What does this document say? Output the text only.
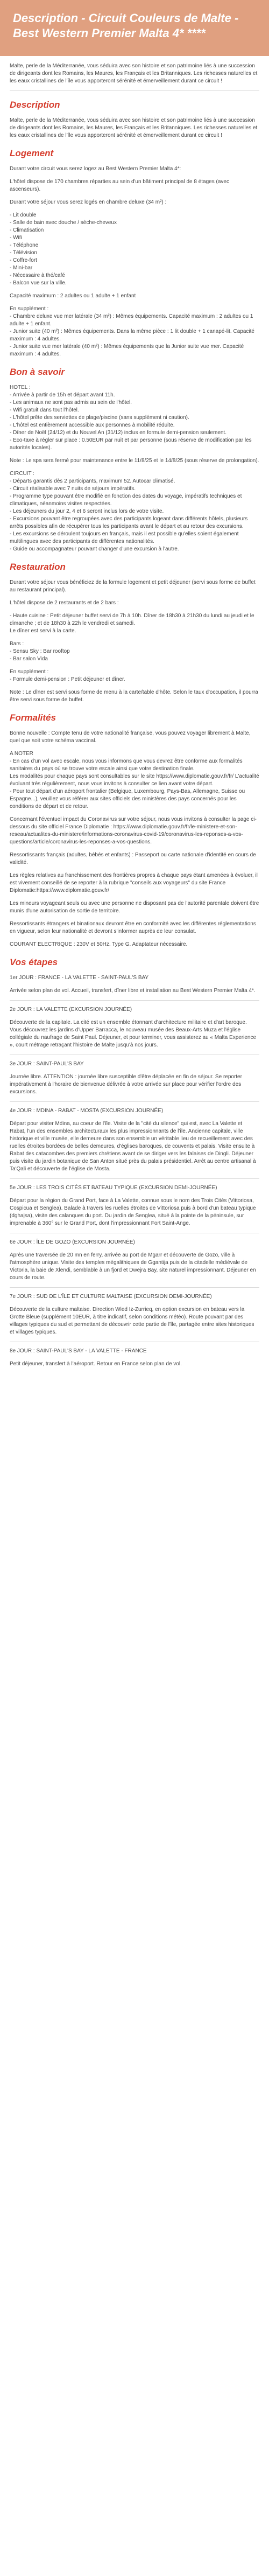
Description - Circuit Couleurs de Malte - Best Western Premier Maltа 4* ****

Malte, perle de la Méditerranée, vous séduira avec son histoire et son patrimoine liés à une succession de dirigeants dont les Romains, les Maures, les Français et les Britanniques. Les richesses naturelles et les eaux cristallines de l'île vous apporteront sérénité et émerveillement durant ce circuit !

Description

Malte, perle de la Méditerranée, vous séduira avec son histoire et son patrimoine liés à une succession de dirigeants dont les Romains, les Maures, les Français et les Britanniques. Les richesses naturelles et les eaux cristallines de l'île vous apporteront sérénité et émerveillement durant ce circuit !

Logement

Durant votre circuit vous serez logez au Best Western Premier Malta 4*:

L'hôtel dispose de 170 chambres réparties au sein d'un bâtiment principal de 8 étages (avec ascenseurs).

Durant votre séjour vous serez logés en chambre deluxe (34 m²) :

- Lit double

- Salle de bain avec douche / sèche-cheveux

- Climatisation

- Wifi

- Téléphone

- Télévision

- Coffre-fort

- Mini-bar

- Nécessaire à thé/café

- Balcon vue sur la ville.

Capacité maximum : 2 adultes ou 1 adulte + 1 enfant

En supplément :

- Chambre deluxe vue mer latérale (34 m²) : Mêmes équipements. Capacité maximum : 2 adultes ou 1 adulte + 1 enfant.

- Junior suite (40 m²) : Mêmes équipements. Dans la même pièce : 1 lit double + 1 canapé-lit. Capacité maximum : 4 adultes.

- Junior suite vue mer latérale (40 m²) : Mêmes équipements que la Junior suite vue mer. Capacité maximum : 4 adultes.

Bon à savoir

HOTEL :

- Arrivée à partir de 15h et départ avant 11h.

- Les animaux ne sont pas admis au sein de l'hôtel.

- Wifi gratuit dans tout l'hôtel.

- L'hôtel prête des serviettes de plage/piscine (sans supplément ni caution).

- L'hôtel est entièrement accessible aux personnes à mobilité réduite.

- Dîner de Noël (24/12) et du Nouvel An (31/12) inclus en formule demi-pension seulement.

- Eco-taxe à régler sur place : 0.50EUR par nuit et par personne (sous réserve de modification par les autorités locales).

Note : Le spa sera fermé pour maintenance entre le 11/8/25 et le 14/8/25 (sous réserve de prolongation).

CIRCUIT :

- Départs garantis dès 2 participants, maximum 52. Autocar climatisé.

- Circuit réalisable avec 7 nuits de séjours impératifs.

- Programme type pouvant être modifié en fonction des dates du voyage, impératifs techniques et climatiques, néanmoins visites respectées.

- Les déjeuners du jour 2, 4 et 6 seront inclus lors de votre visite.

- Excursions pouvant être regroupées avec des participants logeant dans différents hôtels, plusieurs arrêts possibles afin de récupérer tous les participants avant le départ et au retour des excursions.

- Les excursions se déroulent toujours en français, mais il est possible qu'elles soient également multilingues avec des participants de différentes nationalités.

- Guide ou accompagnateur pouvant changer d'une excursion à l'autre.

Restauration

Durant votre séjour vous bénéficiez de la formule logement et petit déjeuner (servi sous forme de buffet au restaurant principal).

L'hôtel dispose de 2 restaurants et de 2 bars :

- Haute cuisine : Petit déjeuner buffet servi de 7h à 10h. Dîner de 18h30 à 21h30 du lundi au jeudi et le dimanche ; et de 18h30 à 22h le vendredi et samedi.

Le dîner est servi à la carte.

Bars :

- Sensu Sky : Bar rooftop

- Bar salon Vida

En supplément :

- Formule demi-pension : Petit déjeuner et dîner.

Note : Le dîner est servi sous forme de menu à la carte/table d'hôte. Selon le taux d'occupation, il pourra être servi sous forme de buffet.

Formalités

Bonne nouvelle : Compte tenu de votre nationalité française, vous pouvez voyager librement à Malte, quel que soit votre schéma vaccinal.

A NOTER

- En cas d'un vol avec escale, nous vous informons que vous devrez être conforme aux formalités sanitaires du pays où se trouve votre escale ainsi que votre destination finale.

Les modalités pour chaque pays sont consultables sur le site https://www.diplomatie.gouv.fr/fr/ L'actualité évoluant très régulièrement, nous vous invitons à consulter ce lien avant votre départ.

- Pour tout départ d'un aéroport frontalier (Belgique, Luxembourg, Pays-Bas, Allemagne, Suisse ou Espagne...), veuillez vous référer aux sites officiels des ministères des pays concernés pour les conditions de départ et de retour.

Concernant l'éventuel impact du Coronavirus sur votre séjour, nous vous invitons à consulter la page ci-dessous du site officiel France Diplomatie : https://www.diplomatie.gouv.fr/fr/le-ministere-et-son-reseau/actualites-du-ministere/informations-coronavirus-covid-19/coronavirus-les-reponses-a-vos-questions/article/coronavirus-les-reponses-a-vos-questions.

Ressortissants français (adultes, bébés et enfants) : Passeport ou carte nationale d'identité en cours de validité.

Les règles relatives au franchissement des frontières propres à chaque pays étant amenées à évoluer, il est vivement conseillé de se reporter à la rubrique "conseils aux voyageurs" du site France Diplomatie:https://www.diplomatie.gouv.fr/

Les mineurs voyageant seuls ou avec une personne ne disposant pas de l'autorité parentale doivent être munis d'une autorisation de sortie de territoire.

Ressortissants étrangers et binationaux devront être en conformité avec les différentes réglementations en vigueur, selon leur nationalité et devront s'informer auprès de leur consulat.

COURANT ELECTRIQUE : 230V et 50Hz. Type G. Adaptateur nécessaire.

Vos étapes

1er JOUR : FRANCE - LA VALETTE - SAINT-PAUL'S BAY

Arrivée selon plan de vol. Accueil, transfert, dîner libre et installation au Best Western Premier Malta 4*.

2e JOUR : LA VALETTE (EXCURSION JOURNÉE)

Découverte de la capitale. La cité est un ensemble étonnant d'architecture militaire et d'art baroque. Vous découvrez les jardins d'Upper Barracca, le nouveau musée des Beaux-Arts Muza et l'église collégiale du naufrage de Saint Paul. Déjeuner, et pour terminer, vous assisterez au « Malta Experience », court métrage retraçant l'histoire de Malte jusqu'à nos jours.

3e JOUR : SAINT-PAUL'S BAY

Journée libre. ATTENTION : journée libre susceptible d'être déplacée en fin de séjour. Se reporter impérativement à l'horaire de bienvenue délivrée à votre arrivée sur place pour vérifier l'ordre des excursions.

4e JOUR : MDINA - RABAT - MOSTA (EXCURSION JOURNÉE)

Départ pour visiter Mdina, au coeur de l'île. Visite de la "cité du silence" qui est, avec La Valette et Rabat, l'un des ensembles architecturaux les plus impressionnants de l'île. Ancienne capitale, ville historique et ville musée, elle demeure dans son ensemble un véritable lieu de recueillement avec des ruelles étroites bordées de belles demeures, d'églises baroques, de couvents et palais. Visite ensuite à Rabat des catacombes des premiers chrétiens avant de se diriger vers les falaises de Dingli. Déjeuner puis visite du jardin botanique de San Anton situé près du palais présidentiel. Arrêt au centre artisanal à Ta'Qali et découverte de l'église de Mosta.

5e JOUR : LES TROIS CITÉS ET BATEAU TYPIQUE (EXCURSION DEMI-JOURNÉE)

Départ pour la région du Grand Port, face à La Valette, connue sous le nom des Trois Cités (Vittoriosa, Cospicua et Senglea). Balade à travers les ruelles étroites de Vittoriosa puis à bord d'un bateau typique (dghajsa), visite des calanques du port. Du jardin de Senglea, situé à la pointe de la péninsule, sur imprenable à 360° sur le Grand Port, dont l'impressionnant Fort Saint-Ange.

6e JOUR : ÎLE DE GOZO (EXCURSION JOURNÉE)

Après une traversée de 20 mn en ferry, arrivée au port de Mgarr et découverte de Gozo, ville à l'atmosphère unique. Visite des temples mégalithiques de Ggantija puis de la citadelle médiévale de Victoria, la baie de Xlendi, semblable à un fjord et Dwejra Bay, site naturel impressionnant. Déjeuner en cours de route.

7e JOUR : SUD DE L'ÎLE ET CULTURE MALTAISE (EXCURSION DEMI-JOURNÉE)

Découverte de la culture maltaise. Direction Wied Iz-Zurrieq, en option excursion en bateau vers la Grotte Bleue (supplément 10EUR, à titre indicatif, selon conditions météo). Route pouvant par des villages typiques du sud et permettant de découvrir cette partie de l'île, partagée entre sites historiques et villages typiques.

8e JOUR : SAINT-PAUL'S BAY - LA VALETTE - FRANCE

Petit déjeuner, transfert à l'aéroport. Retour en France selon plan de vol.
